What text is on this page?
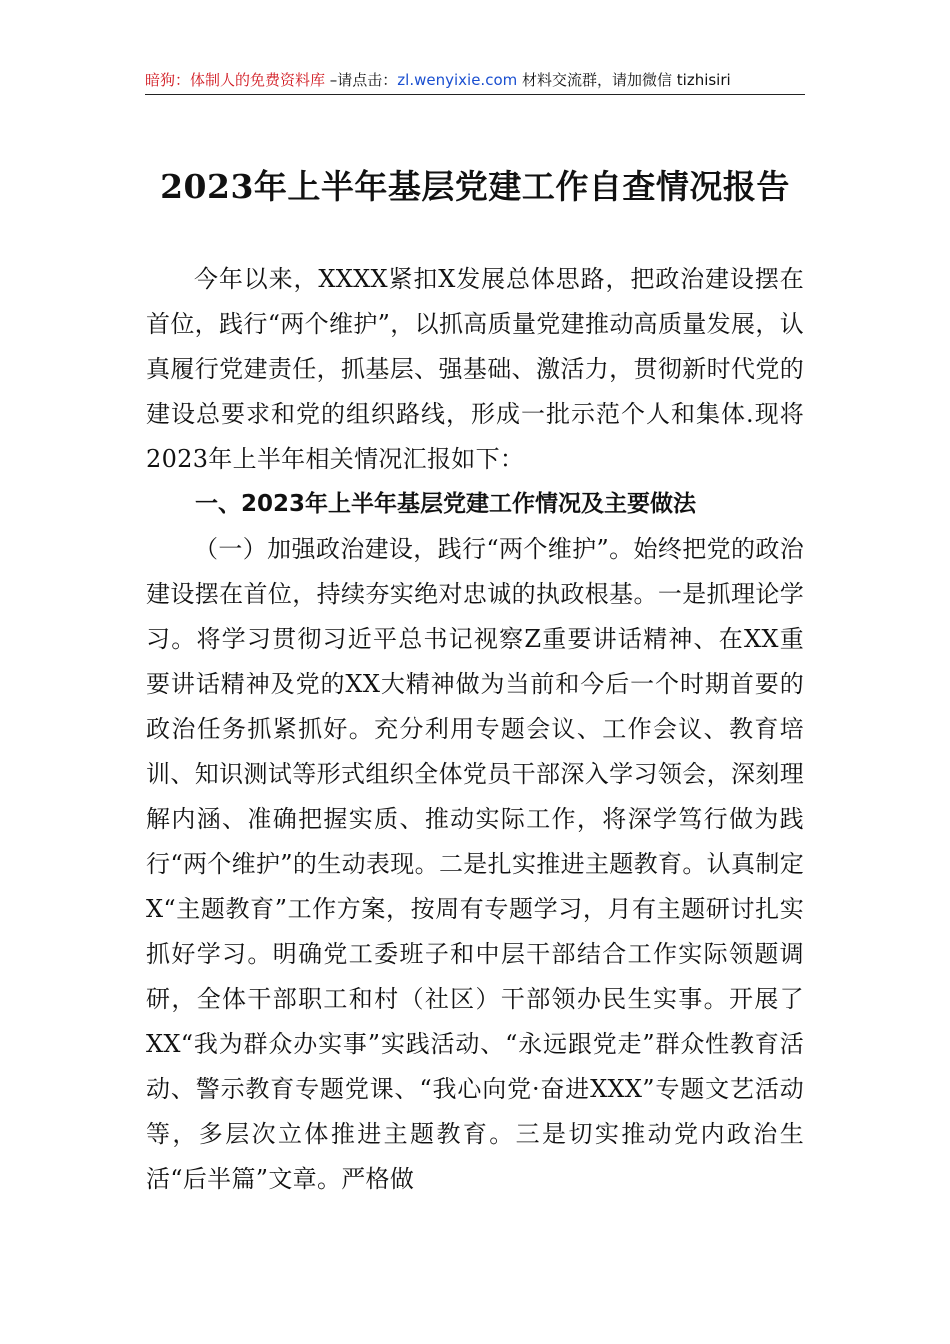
暗狗：体制人的免费资料库 –请点击：zl.wenyixie.com 材料交流群，请加微信 tizhisiri
2023年上半年基层党建工作自查情况报告
今年以来，XXXX紧扣X发展总体思路，把政治建设摆在首位，践行“两个维护”，以抓高质量党建推动高质量发展，认真履行党建责任，抓基层、强基础、激活力，贯彻新时代党的建设总要求和党的组织路线，形成一批示范个人和集体.现将2023年上半年相关情况汇报如下：
一、2023年上半年基层党建工作情况及主要做法
（一）加强政治建设，践行“两个维护”。始终把党的政治建设摆在首位，持续夯实绝对忠诚的执政根基。一是抓理论学习。将学习贯彻习近平总书记视察Z重要讲话精神、在XX重要讲话精神及党的XX大精神做为当前和今后一个时期首要的政治任务抓紧抓好。充分利用专题会议、工作会议、教育培训、知识测试等形式组织全体党员干部深入学习领会，深刻理解内涵、准确把握实质、推动实际工作，将深学笃行做为践行“两个维护”的生动表现。二是扎实推进主题教育。认真制定X“主题教育”工作方案，按周有专题学习，月有主题研讨扎实抓好学习。明确党工委班子和中层干部结合工作实际领题调研，全体干部职工和村（社区）干部领办民生实事。开展了XX“我为群众办实事”实践活动、“永远跟党走”群众性教育活动、警示教育专题党课、“我心向党·奋进XXX”专题文艺活动等，多层次立体推进主题教育。三是切实推动党内政治生活“后半篇”文章。严格做
